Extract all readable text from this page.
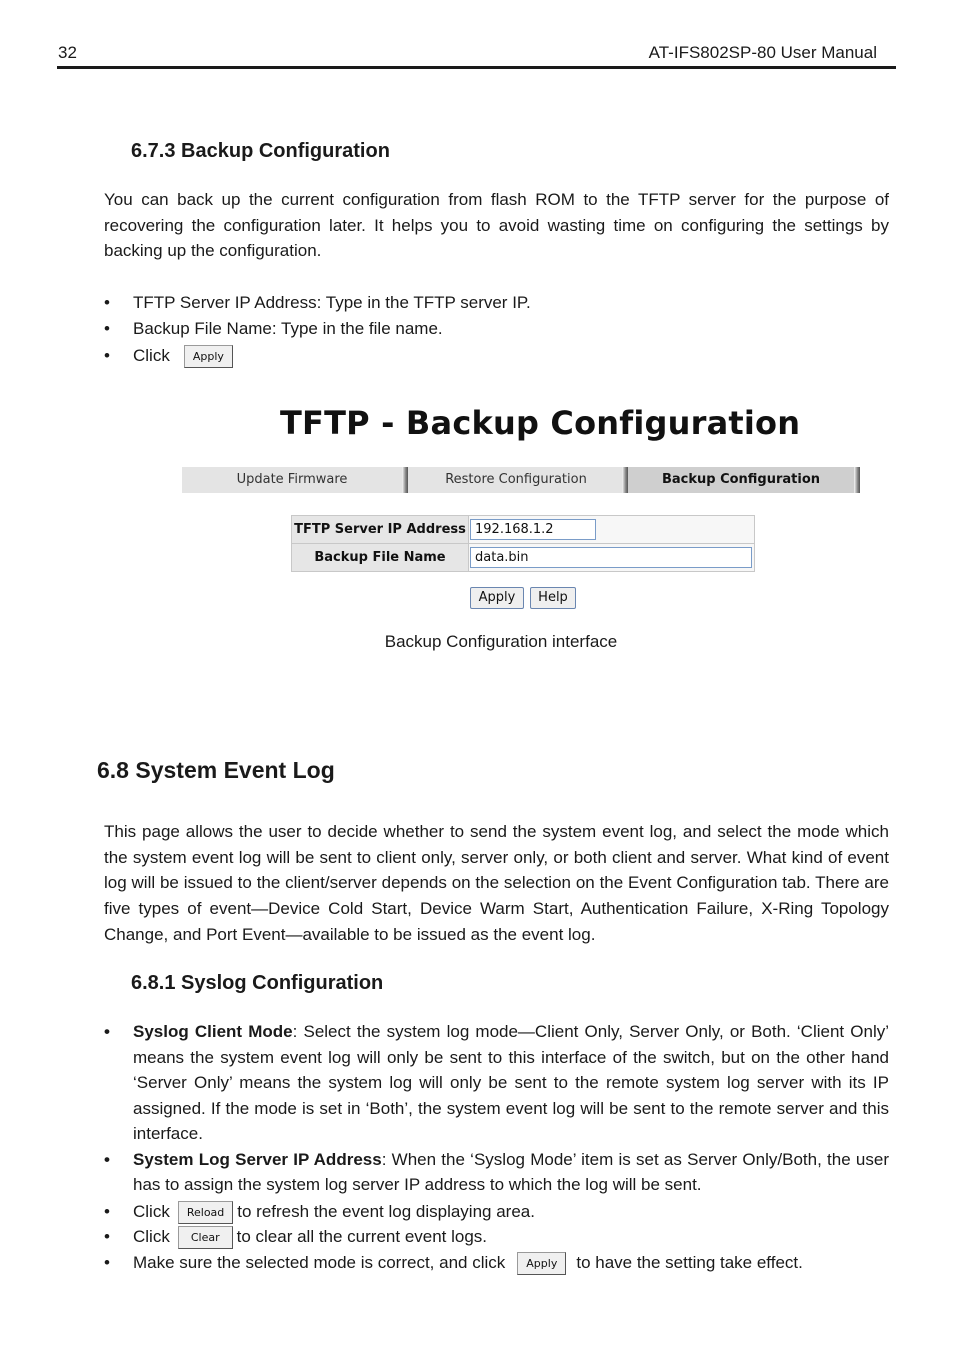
32	AT-IFS802SP-80 User Manual
6.7.3 Backup Configuration

You can back up the current configuration from flash ROM to the TFTP server for the purpose of recovering the configuration later. It helps you to avoid wasting time on configuring the settings by backing up the configuration.

• TFTP Server IP Address: Type in the TFTP server IP.
• Backup File Name: Type in the file name.
• Click Apply
TFTP - Backup Configuration
Update Firmware	Restore Configuration	Backup Configuration
TFTP Server IP Address 192.168.1.2
Backup File Name	data.bin
Apply	Help
Backup Configuration interface
6.8 System Event Log

This page allows the user to decide whether to send the system event log, and select the mode which the system event log will be sent to client only, server only, or both client and server. What kind of event log will be issued to the client/server depends on the selection on the Event Configuration tab. There are five types of event—Device Cold Start, Device Warm Start, Authentication Failure, X-Ring Topology Change, and Port Event—available to be issued as the event log.

6.8.1 Syslog Configuration
• Syslog Client Mode: Select the system log mode—Client Only, Server Only, or Both. ‘Client Only’ means the system event log will only be sent to this interface of the switch, but on the other hand ‘Server Only’ means the system log will only be sent to the remote system log server with its IP assigned. If the mode is set in ‘Both’, the system event log will be sent to the remote server and this interface.
• System Log Server IP Address: When the ‘Syslog Mode’ item is set as Server Only/Both, the user has to assign the system log server IP address to which the log will be sent.
• Click Reload to refresh the event log displaying area.
• Click Clear to clear all the current event logs.
• Make sure the selected mode is correct, and click Apply to have the setting take effect.
